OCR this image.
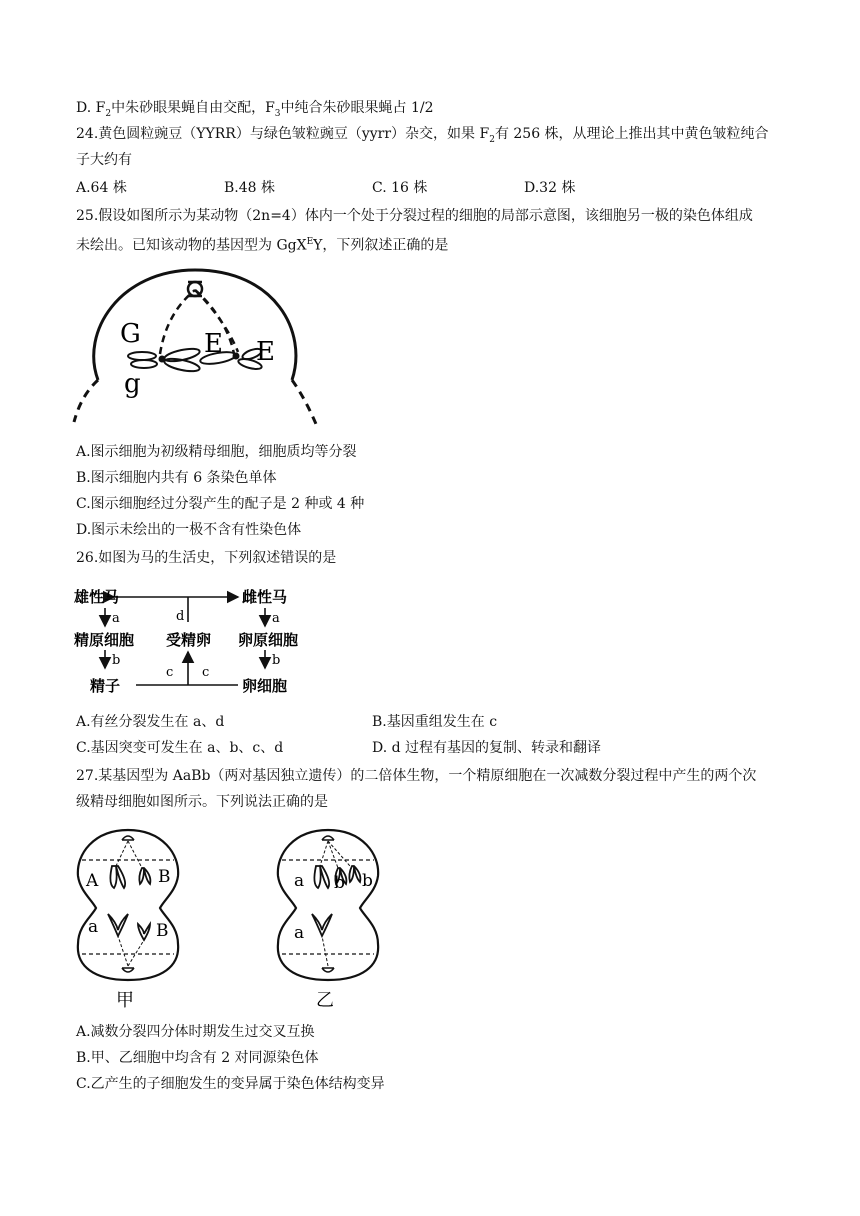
D. $F_2$中朱砂眼果蝇自由交配，$F_3$中纯合朱砂眼果蝇占 1/2
24.黄色圆粒豌豆（YYRR）与绿色皱粒豌豆（yyrr）杂交，如果 $F_2$有 256 株，从理论上推出其中黄色皱粒纯合
子大约有
A.64 株	B.48 株	C. 16 株	D.32 株
25.假设如图所示为某动物（2n=4）体内一个处于分裂过程的细胞的局部示意图，该细胞另一极的染色体组成
未绘出。已知该动物的基因型为 GgX$^E$Y，下列叙述正确的是
G
g
E E
A.图示细胞为初级精母细胞，细胞质均等分裂
B.图示细胞内共有 6 条染色单体
C.图示细胞经过分裂产生的配子是 2 种或 4 种
D.图示未绘出的一极不含有性染色体
26.如图为马的生活史，下列叙述错误的是
雄性马	雌性马
d
a	a
精原细胞 受精卵 卵原细胞
b	b
c c
精子	卵细胞
A.有丝分裂发生在 a、d	B.基因重组发生在 c
C.基因突变可发生在 a、b、c、d	D. d 过程有基因的复制、转录和翻译
27.某基因型为 AaBb（两对基因独立遗传）的二倍体生物，一个精原细胞在一次减数分裂过程中产生的两个次
级精母细胞如图所示。下列说法正确的是
A	B
a	B
甲
a b b
a
乙
A.减数分裂四分体时期发生过交叉互换
B.甲、乙细胞中均含有 2 对同源染色体
C.乙产生的子细胞发生的变异属于染色体结构变异
